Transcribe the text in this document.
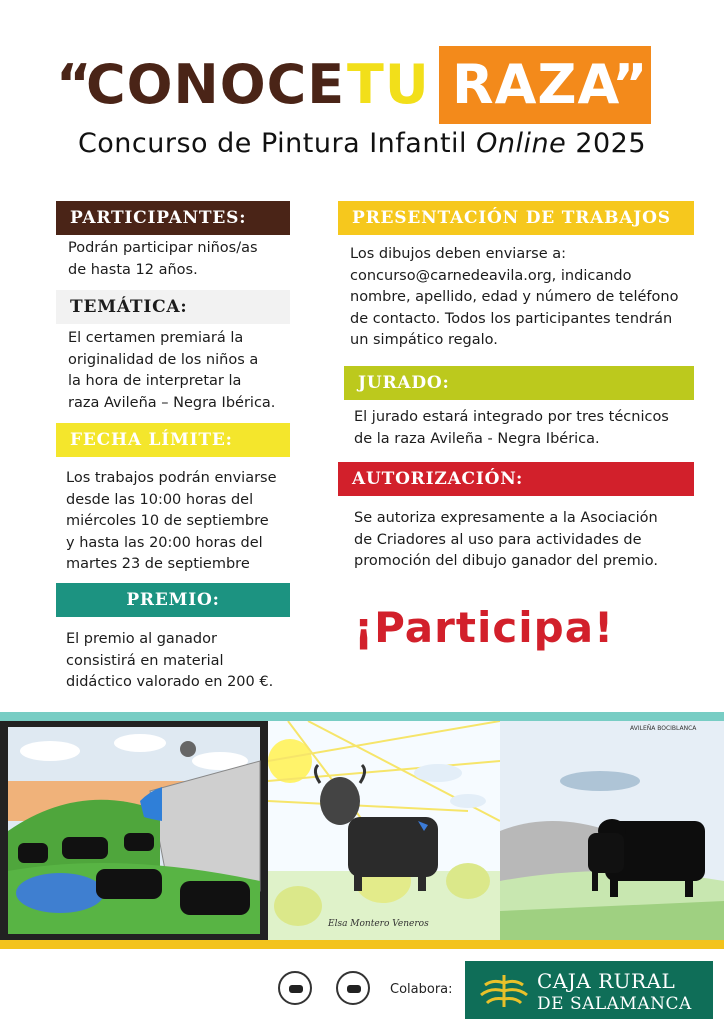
“
CONOCE TU RAZA
”
Concurso de Pintura Infantil Online 2025
PARTICIPANTES:
Podrán participar niños/as
de hasta 12 años.
TEMÁTICA:
El certamen premiará la
originalidad de los niños a
la hora de interpretar la
raza Avileña – Negra Ibérica.
FECHA LÍMITE:
Los trabajos podrán enviarse
desde las 10:00 horas del
miércoles 10 de septiembre
y hasta las 20:00 horas del
martes 23 de septiembre
PREMIO:
El premio al ganador
consistirá en material
didáctico valorado en 200 €.
PRESENTACIÓN DE TRABAJOS
Los dibujos deben enviarse a:
concurso@carnedeavila.org, indicando
nombre, apellido, edad y número de teléfono
de contacto. Todos los participantes tendrán
un simpático regalo.
JURADO:
El jurado estará integrado por tres técnicos
de la raza Avileña - Negra Ibérica.
AUTORIZACIÓN:
Se autoriza expresamente a la Asociación
de Criadores al uso para actividades de
promoción del dibujo ganador del premio.
¡Participa!
Elsa Montero Veneros
AVILEÑA BOCIBLANCA
Colabora:	CAJA RURAL
DE SALAMANCA
